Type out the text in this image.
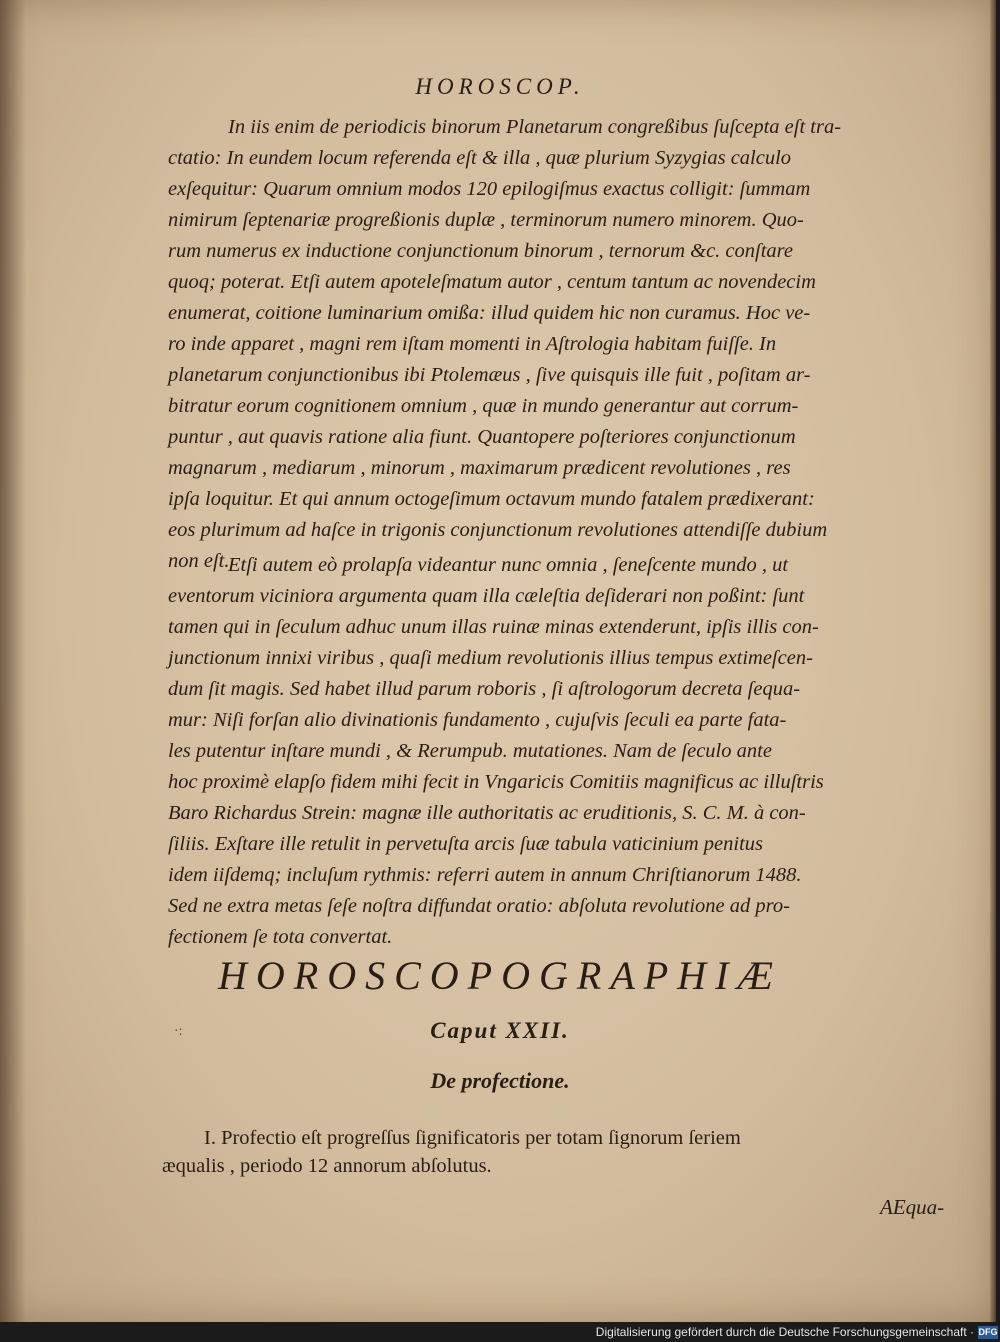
HOROSCOP.
In iis enim de periodicis binorum Planetarum congreßibus ſuſcepta eſt tra-
ctatio: In eundem locum referenda eſt & illa , quæ plurium Syzygias calculo
exſequitur: Quarum omnium modos 120 epilogiſmus exactus colligit: ſummam
nimirum ſeptenariæ progreßionis duplæ , terminorum numero minorem. Quo-
rum numerus ex inductione conjunctionum binorum , ternorum &c. conſtare
quoq; poterat. Etſi autem apoteleſmatum autor , centum tantum ac novendecim
enumerat, coitione luminarium omißa: illud quidem hic non curamus. Hoc ve-
ro inde apparet , magni rem iſtam momenti in Aſtrologia habitam fuiſſe. In
planetarum conjunctionibus ibi Ptolemæus , ſive quisquis ille fuit , poſitam ar-
bitratur eorum cognitionem omnium , quæ in mundo generantur aut corrum-
puntur , aut quavis ratione alia fiunt. Quantopere poſteriores conjunctionum
magnarum , mediarum , minorum , maximarum prædicent revolutiones , res
ipſa loquitur. Et qui annum octogeſimum octavum mundo fatalem prædixerant:
eos plurimum ad haſce in trigonis conjunctionum revolutiones attendiſſe dubium
non eſt.
Etſi autem eò prolapſa videantur nunc omnia , ſeneſcente mundo , ut
eventorum viciniora argumenta quam illa cæleſtia deſiderari non poßint: ſunt
tamen qui in ſeculum adhuc unum illas ruinæ minas extenderunt, ipſis illis con-
junctionum innixi viribus , quaſi medium revolutionis illius tempus extimeſcen-
dum ſit magis. Sed habet illud parum roboris , ſi aſtrologorum decreta ſequa-
mur: Niſi forſan alio divinationis fundamento , cujuſvis ſeculi ea parte fata-
les putentur inſtare mundi , & Rerumpub. mutationes. Nam de ſeculo ante
hoc proximè elapſo fidem mihi fecit in Vngaricis Comitiis magnificus ac illuſtris
Baro Richardus Strein: magnæ ille authoritatis ac eruditionis, S. C. M. à con-
ſiliis. Exſtare ille retulit in pervetuſta arcis ſuæ tabula vaticinium penitus
idem iiſdemq; incluſum rythmis: referri autem in annum Chriſtianorum 1488.
Sed ne extra metas ſeſe noſtra diffundat oratio: abſoluta revolutione ad pro-
fectionem ſe tota convertat.
HOROSCOPOGRAPHIÆ
·:	Caput XXII.
De profectione.
I. Profectio eſt progreſſus ſignificatoris per totam ſignorum ſeriem
æqualis , periodo 12 annorum abſolutus.
AEqua-
Digitalisierung gefördert durch die Deutsche Forschungsgemeinschaft · DFG
